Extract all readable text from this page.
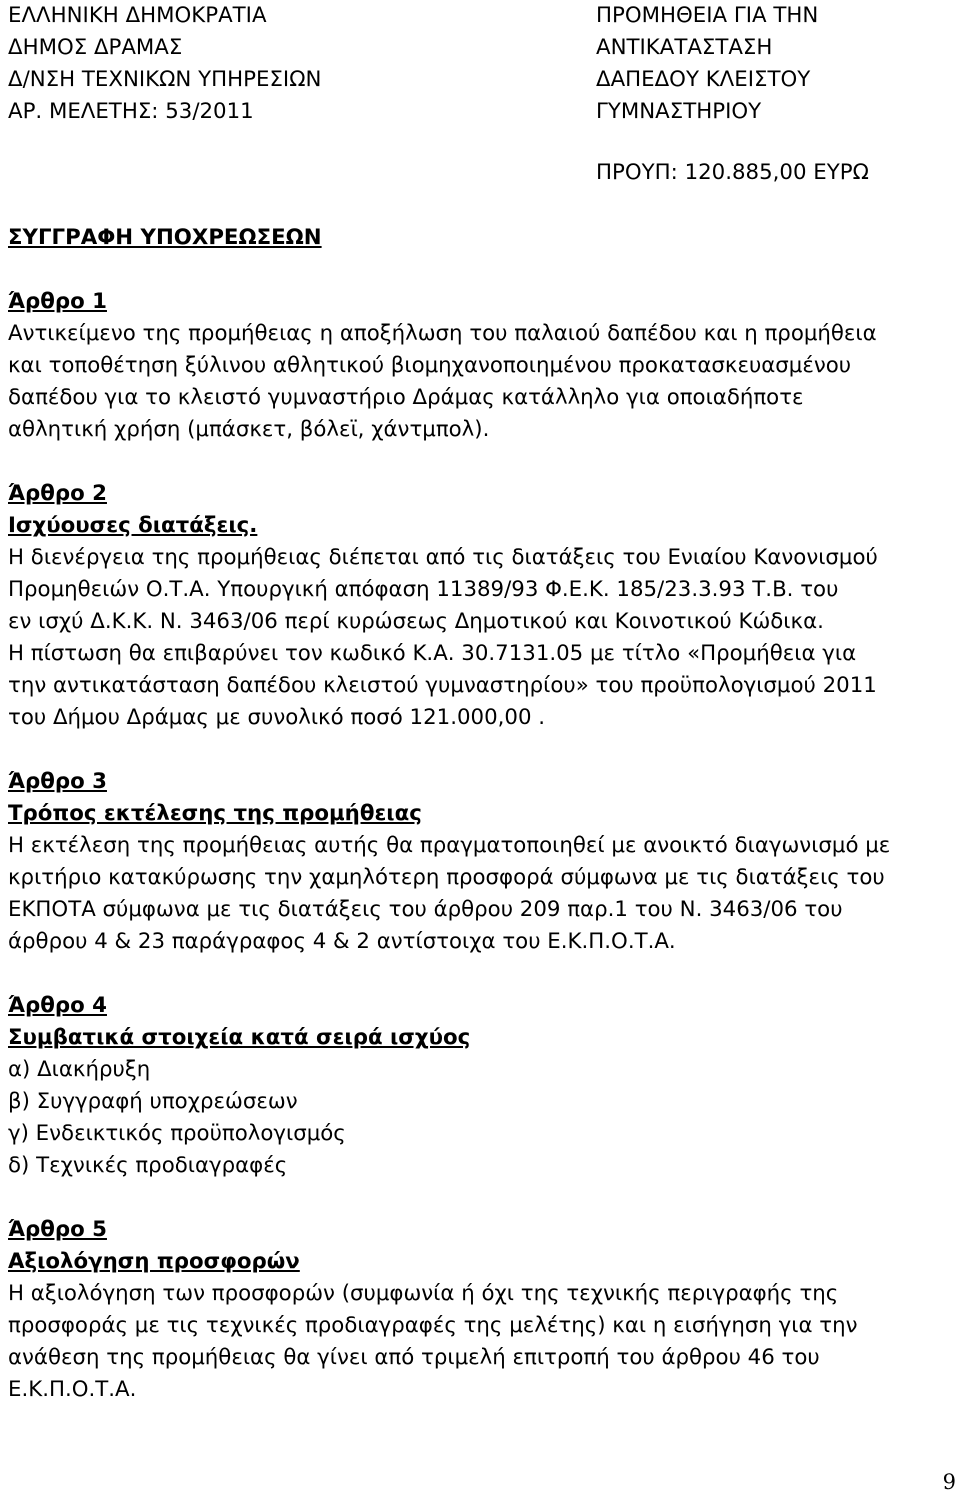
ΕΛΛΗΝΙΚΗ ΔΗΜΟΚΡΑΤΙΑ
ΔΗΜΟΣ ΔΡΑΜΑΣ
Δ/ΝΣΗ ΤΕΧΝΙΚΩΝ ΥΠΗΡΕΣΙΩΝ
ΑΡ. ΜΕΛΕΤΗΣ: 53/2011
ΠΡΟΜΗΘΕΙΑ ΓΙΑ ΤΗΝ
ΑΝΤΙΚΑΤΑΣΤΑΣΗ
ΔΑΠΕΔΟΥ ΚΛΕΙΣΤΟΥ
ΓΥΜΝΑΣΤΗΡΙΟΥ
ΠΡΟΥΠ: 120.885,00 ΕΥΡΩ
ΣΥΓΓΡΑΦΗ ΥΠΟΧΡΕΩΣΕΩΝ
Άρθρο 1
Αντικείμενο της προμήθειας η αποξήλωση του παλαιού δαπέδου και η προμήθεια
και τοποθέτηση ξύλινου αθλητικού βιομηχανοποιημένου προκατασκευασμένου
δαπέδου για το κλειστό γυμναστήριο Δράμας κατάλληλο για οποιαδήποτε
αθλητική χρήση (μπάσκετ, βόλεϊ, χάντμπολ).
Άρθρο 2
Ισχύουσες διατάξεις.
Η διενέργεια της προμήθειας διέπεται από τις διατάξεις του Ενιαίου Κανονισμού
Προμηθειών Ο.Τ.Α. Υπουργική απόφαση 11389/93 Φ.Ε.Κ. 185/23.3.93 Τ.Β. του
εν ισχύ Δ.Κ.Κ. Ν. 3463/06 περί κυρώσεως Δημοτικού και Κοινοτικού Κώδικα.
Η πίστωση θα επιβαρύνει τον κωδικό Κ.Α. 30.7131.05 με τίτλο «Προμήθεια για
την αντικατάσταση δαπέδου κλειστού γυμναστηρίου» του προϋπολογισμού 2011
του Δήμου Δράμας με συνολικό ποσό 121.000,00 .
Άρθρο 3
Τρόπος εκτέλεσης της προμήθειας
Η εκτέλεση της προμήθειας αυτής θα πραγματοποιηθεί με ανοικτό διαγωνισμό με
κριτήριο κατακύρωσης την χαμηλότερη προσφορά σύμφωνα με τις διατάξεις του
ΕΚΠΟΤΑ σύμφωνα με τις διατάξεις του άρθρου 209 παρ.1 του Ν. 3463/06 του
άρθρου 4 & 23 παράγραφος 4 & 2 αντίστοιχα του Ε.Κ.Π.Ο.Τ.Α.
Άρθρο 4
Συμβατικά στοιχεία κατά σειρά ισχύος
α) Διακήρυξη
β) Συγγραφή υποχρεώσεων
γ) Ενδεικτικός προϋπολογισμός
δ) Τεχνικές προδιαγραφές
Άρθρο 5
Αξιολόγηση προσφορών
Η αξιολόγηση των προσφορών (συμφωνία ή όχι της τεχνικής περιγραφής της
προσφοράς με τις τεχνικές προδιαγραφές της μελέτης) και η εισήγηση για την
ανάθεση της προμήθειας θα γίνει από τριμελή επιτροπή του άρθρου 46 του
Ε.Κ.Π.Ο.Τ.Α.
9
